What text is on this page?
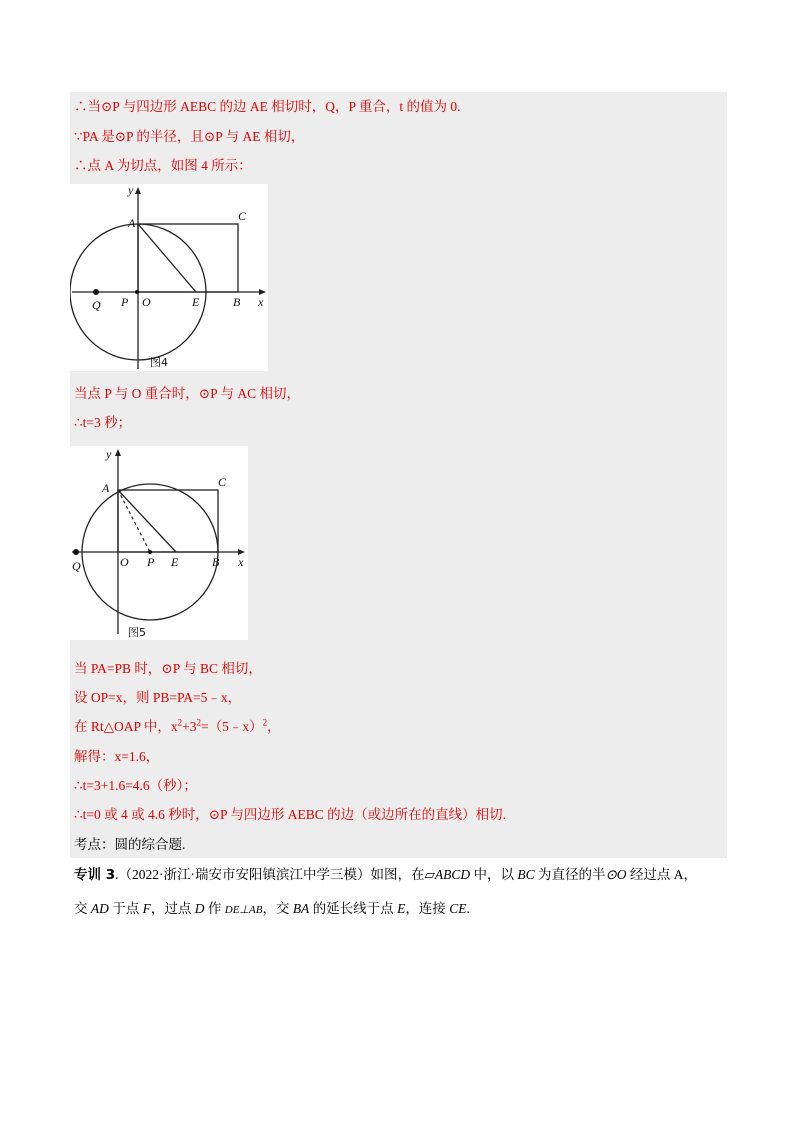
∴当⊙P 与四边形 AEBC 的边 AE 相切时，Q，P 重合，t 的值为 0.
∵PA 是⊙P 的半径，且⊙P 与 AE 相切，
∴点 A 为切点，如图 4 所示：
y
A	C
Q P O	E	B x
图4
当点 P 与 O 重合时，⊙P 与 AC 相切，
∴t=3 秒；
y
A	C
Q	O P E	B x
图5
当 PA=PB 时，⊙P 与 BC 相切，
设 OP=x，则 PB=PA=5﹣x，
在 Rt△OAP 中，$x^2+3^2=(5﹣x)^2$，
解得：x=1.6，
∴t=3+1.6=4.6（秒）；
∴t=0 或 4 或 4.6 秒时，⊙P 与四边形 AEBC 的边（或边所在的直线）相切.
考点：圆的综合题.
专训 3.（2022·浙江·瑞安市安阳镇滨江中学三模）如图，在▱ABCD 中，以 BC 为直径的半⊙O 经过点 A，
交 AD 于点 F，过点 D 作 DE⊥AB，交 BA 的延长线于点 E，连接 CE.
